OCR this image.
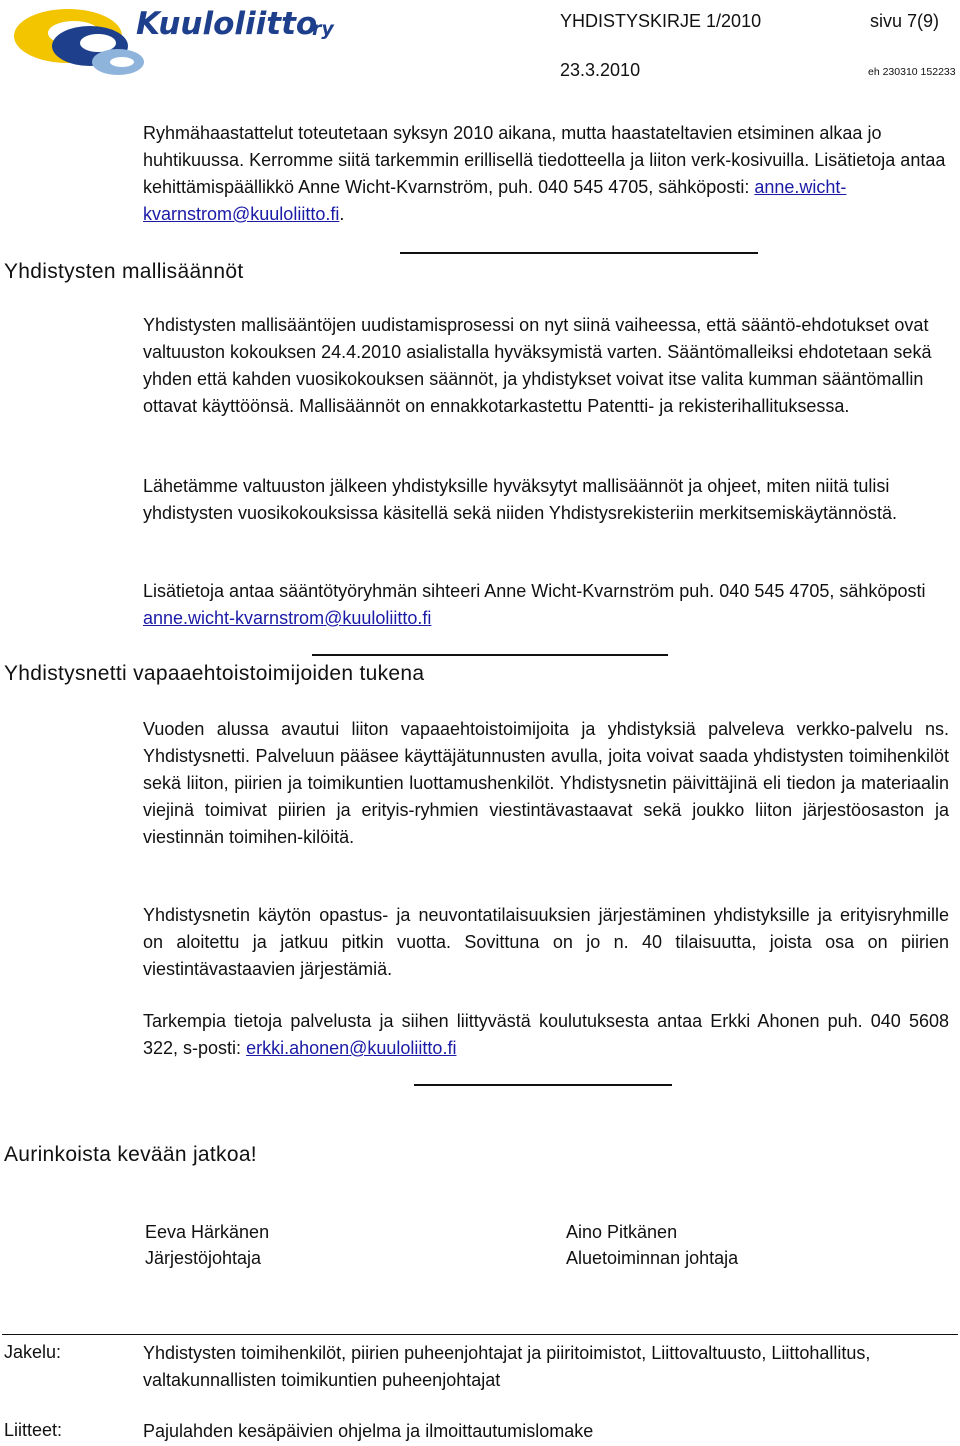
Kuuloliitto
ry	YHDISTYSKIRJE 1/2010	sivu 7(9)
23.3.2010	eh 230310 152233

Ryhmähaastattelut toteutetaan syksyn 2010 aikana, mutta haastateltavien etsiminen alkaa jo huhtikuussa. Kerromme siitä tarkemmin erillisellä tiedotteella ja liiton verk-kosivuilla. Lisätietoja antaa kehittämispäällikkö Anne Wicht-Kvarnström, puh. 040 545 4705, sähköposti: anne.wicht-kvarnstrom@kuuloliitto.fi.

Yhdistysten mallisäännöt

Yhdistysten mallisääntöjen uudistamisprosessi on nyt siinä vaiheessa, että sääntö-ehdotukset ovat valtuuston kokouksen 24.4.2010 asialistalla hyväksymistä varten. Sääntömalleiksi ehdotetaan sekä yhden että kahden vuosikokouksen säännöt, ja yhdistykset voivat itse valita kumman sääntömallin ottavat käyttöönsä. Mallisäännöt on ennakkotarkastettu Patentti- ja rekisterihallituksessa.

Lähetämme valtuuston jälkeen yhdistyksille hyväksytyt mallisäännöt ja ohjeet, miten niitä tulisi yhdistysten vuosikokouksissa käsitellä sekä niiden Yhdistysrekisteriin merkitsemiskäytännöstä.

Lisätietoja antaa sääntötyöryhmän sihteeri Anne Wicht-Kvarnström puh. 040 545 4705, sähköposti anne.wicht-kvarnstrom@kuuloliitto.fi

Yhdistysnetti vapaaehtoistoimijoiden tukena

Vuoden alussa avautui liiton vapaaehtoistoimijoita ja yhdistyksiä palveleva verkko-palvelu ns. Yhdistysnetti. Palveluun pääsee käyttäjätunnusten avulla, joita voivat saada yhdistysten toimihenkilöt sekä liiton, piirien ja toimikuntien luottamushenkilöt. Yhdistysnetin päivittäjinä eli tiedon ja materiaalin viejinä toimivat piirien ja erityis-ryhmien viestintävastaavat sekä joukko liiton järjestöosaston ja viestinnän toimihen-kilöitä.

Yhdistysnetin käytön opastus- ja neuvontatilaisuuksien järjestäminen yhdistyksille ja erityisryhmille on aloitettu ja jatkuu pitkin vuotta. Sovittuna on jo n. 40 tilaisuutta, joista osa on piirien viestintävastaavien järjestämiä.

Tarkempia tietoja palvelusta ja siihen liittyvästä koulutuksesta antaa Erkki Ahonen puh. 040 5608 322, s-posti: erkki.ahonen@kuuloliitto.fi

Aurinkoista kevään jatkoa!
Eeva Härkänen
Järjestöjohtaja
Aino Pitkänen
Aluetoiminnan johtaja
Jakelu:	Yhdistysten toimihenkilöt, piirien puheenjohtajat ja piiritoimistot, Liittovaltuusto, Liittohallitus, valtakunnallisten toimikuntien puheenjohtajat

Liitteet:	Pajulahden kesäpäivien ohjelma ja ilmoittautumislomake
